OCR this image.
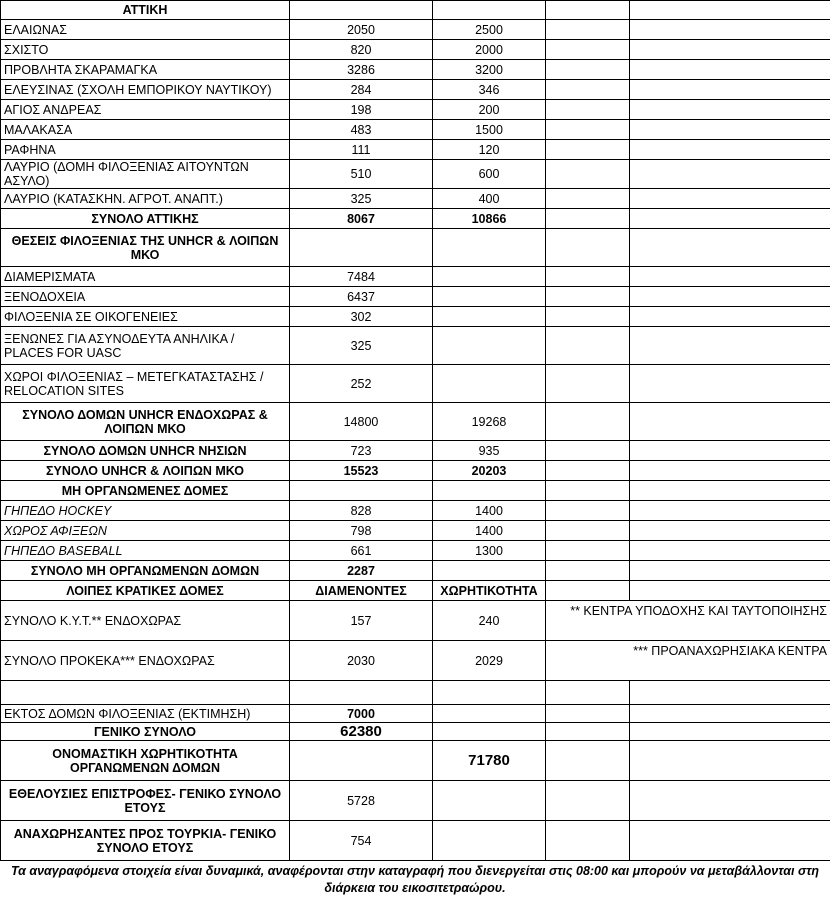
ΑΤΤΙΚΗ				
ΕΛΑΙΩΝΑΣ	2050	2500		
ΣΧΙΣΤΟ	820	2000		
ΠΡΟΒΛΗΤΑ ΣΚΑΡΑΜΑΓΚΑ	3286	3200		
ΕΛΕΥΣΙΝΑΣ (ΣΧΟΛΗ ΕΜΠΟΡΙΚΟΥ ΝΑΥΤΙΚΟΥ)	284	346		
ΑΓΙΟΣ ΑΝΔΡΕΑΣ	198	200		
ΜΑΛΑΚΑΣΑ	483	1500		
ΡΑΦΗΝΑ	111	120		
ΛΑΥΡΙΟ (ΔΟΜΗ ΦΙΛΟΞΕΝΙΑΣ ΑΙΤΟΥΝΤΩΝ ΑΣΥΛΟ)	510	600		
ΛΑΥΡΙΟ (ΚΑΤΑΣΚΗΝ. ΑΓΡΟΤ. ΑΝΑΠΤ.)	325	400		
ΣΥΝΟΛΟ ΑΤΤΙΚΗΣ	8067	10866		
ΘΕΣΕΙΣ ΦΙΛΟΞΕΝΙΑΣ ΤΗΣ UNHCR & ΛΟΙΠΩΝ ΜΚΟ				
ΔΙΑΜΕΡΙΣΜΑΤΑ	7484			
ΞΕΝΟΔΟΧΕΙΑ	6437			
ΦΙΛΟΞΕΝΙΑ ΣΕ ΟΙΚΟΓΕΝΕΙΕΣ	302			
ΞΕΝΩΝΕΣ ΓΙΑ ΑΣΥΝΟΔΕΥΤΑ ΑΝΗΛΙΚΑ / PLACES FOR UASC	325			
ΧΩΡΟΙ ΦΙΛΟΞΕΝΙΑΣ – ΜΕΤΕΓΚΑΤΑΣΤΑΣΗΣ / RELOCATION SITES	252			
ΣΥΝΟΛΟ ΔΟΜΩΝ UNHCR ΕΝΔΟΧΩΡΑΣ & ΛΟΙΠΩΝ ΜΚΟ	14800	19268		
ΣΥΝΟΛΟ ΔΟΜΩΝ UNHCR ΝΗΣΙΩΝ	723	935		
ΣΥΝΟΛΟ UNHCR & ΛΟΙΠΩΝ ΜΚΟ	15523	20203		
ΜΗ ΟΡΓΑΝΩΜΕΝΕΣ ΔΟΜΕΣ				
ΓΗΠΕΔΟ HOCKEY	828	1400		
ΧΩΡΟΣ ΑΦΙΞΕΩΝ	798	1400		
ΓΗΠΕΔΟ BASEBALL	661	1300		
ΣΥΝΟΛΟ ΜΗ ΟΡΓΑΝΩΜΕΝΩΝ ΔΟΜΩΝ	2287			
ΛΟΙΠΕΣ ΚΡΑΤΙΚΕΣ ΔΟΜΕΣ	ΔΙΑΜΕΝΟΝΤΕΣ	ΧΩΡΗΤΙΚΟΤΗΤΑ		
ΣΥΝΟΛΟ Κ.Υ.Τ.** ΕΝΔΟΧΩΡΑΣ	157	240	** ΚΕΝΤΡΑ ΥΠΟΔΟΧΗΣ ΚΑΙ ΤΑΥΤΟΠΟΙΗΣΗΣ	
ΣΥΝΟΛΟ ΠΡΟΚΕΚΑ*** ΕΝΔΟΧΩΡΑΣ	2030	2029	*** ΠΡΟΑΝΑΧΩΡΗΣΙΑΚΑ ΚΕΝΤΡΑ	

ΕΚΤΟΣ ΔΟΜΩΝ ΦΙΛΟΞΕΝΙΑΣ (ΕΚΤΙΜΗΣΗ)	7000			
ΓΕΝΙΚΟ ΣΥΝΟΛΟ	62380			
ΟΝΟΜΑΣΤΙΚΗ ΧΩΡΗΤΙΚΟΤΗΤΑ ΟΡΓΑΝΩΜΕΝΩΝ ΔΟΜΩΝ		71780		
ΕΘΕΛΟΥΣΙΕΣ ΕΠΙΣΤΡΟΦΕΣ- ΓΕΝΙΚΟ ΣΥΝΟΛΟ ΕΤΟΥΣ	5728			
ΑΝΑΧΩΡΗΣΑΝΤΕΣ ΠΡΟΣ ΤΟΥΡΚΙΑ- ΓΕΝΙΚΟ ΣΥΝΟΛΟ ΕΤΟΥΣ	754			
Τα αναγραφόμενα στοιχεία είναι δυναμικά, αναφέρονται στην καταγραφή που διενεργείται στις 08:00 και μπορούν να μεταβάλλονται στη διάρκεια του εικοσιτετραώρου.
